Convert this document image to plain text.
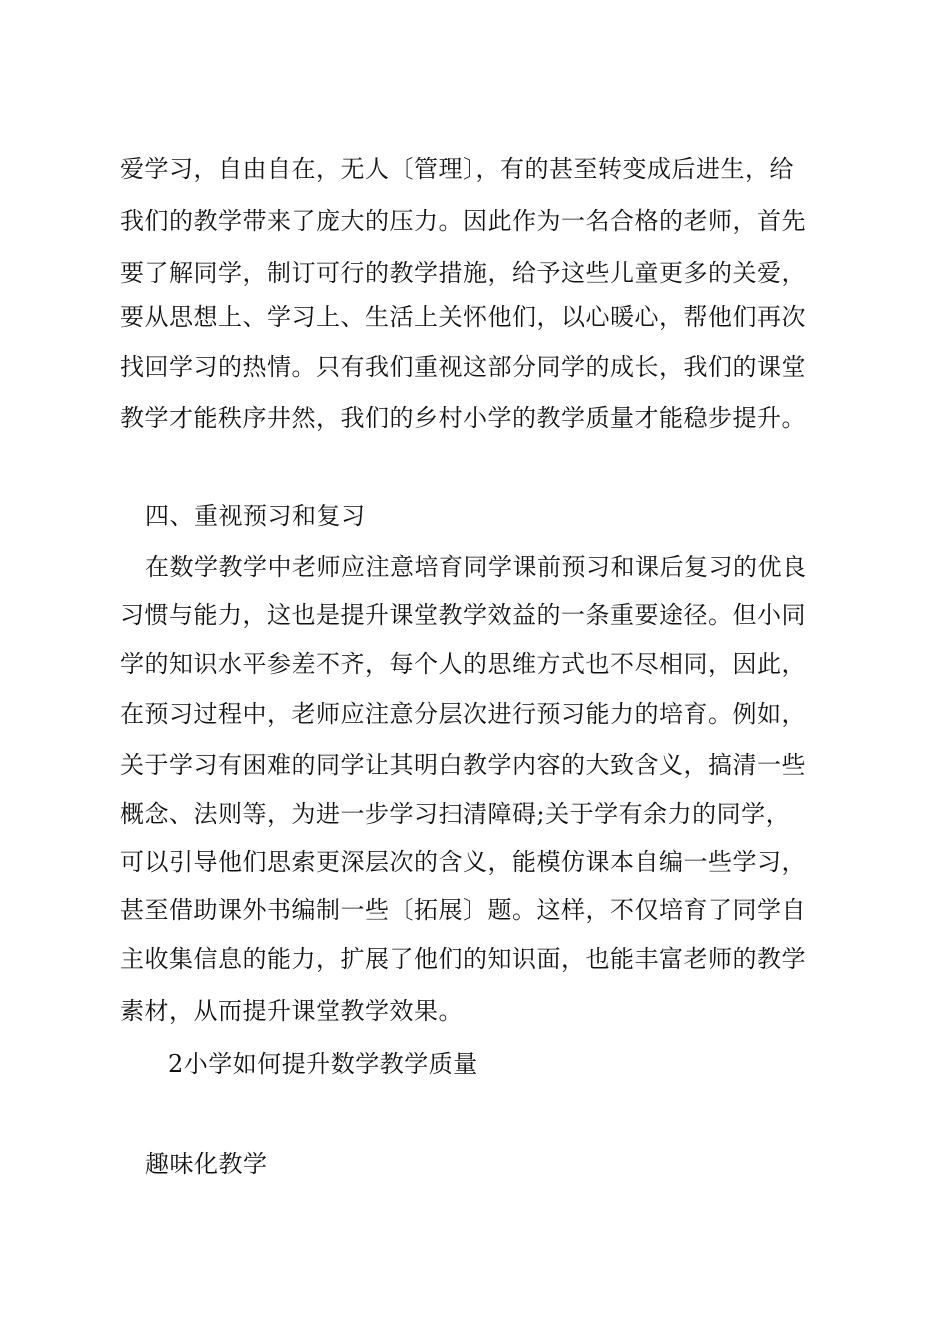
爱学习，自由自在，无人〔管理〕，有的甚至转变成后进生，给
我们的教学带来了庞大的压力。因此作为一名合格的老师，首先
要了解同学，制订可行的教学措施，给予这些儿童更多的关爱，
要从思想上、学习上、生活上关怀他们，以心暖心，帮他们再次
找回学习的热情。只有我们重视这部分同学的成长，我们的课堂
教学才能秩序井然，我们的乡村小学的教学质量才能稳步提升。
四、重视预习和复习
在数学教学中老师应注意培育同学课前预习和课后复习的优良
习惯与能力，这也是提升课堂教学效益的一条重要途径。但小同
学的知识水平参差不齐，每个人的思维方式也不尽相同，因此，
在预习过程中，老师应注意分层次进行预习能力的培育。例如，
关于学习有困难的同学让其明白教学内容的大致含义，搞清一些
概念、法则等，为进一步学习扫清障碍;关于学有余力的同学，
可以引导他们思索更深层次的含义，能模仿课本自编一些学习，
甚至借助课外书编制一些〔拓展〕题。这样，不仅培育了同学自
主收集信息的能力，扩展了他们的知识面，也能丰富老师的教学
素材，从而提升课堂教学效果。
2小学如何提升数学教学质量
趣味化教学
